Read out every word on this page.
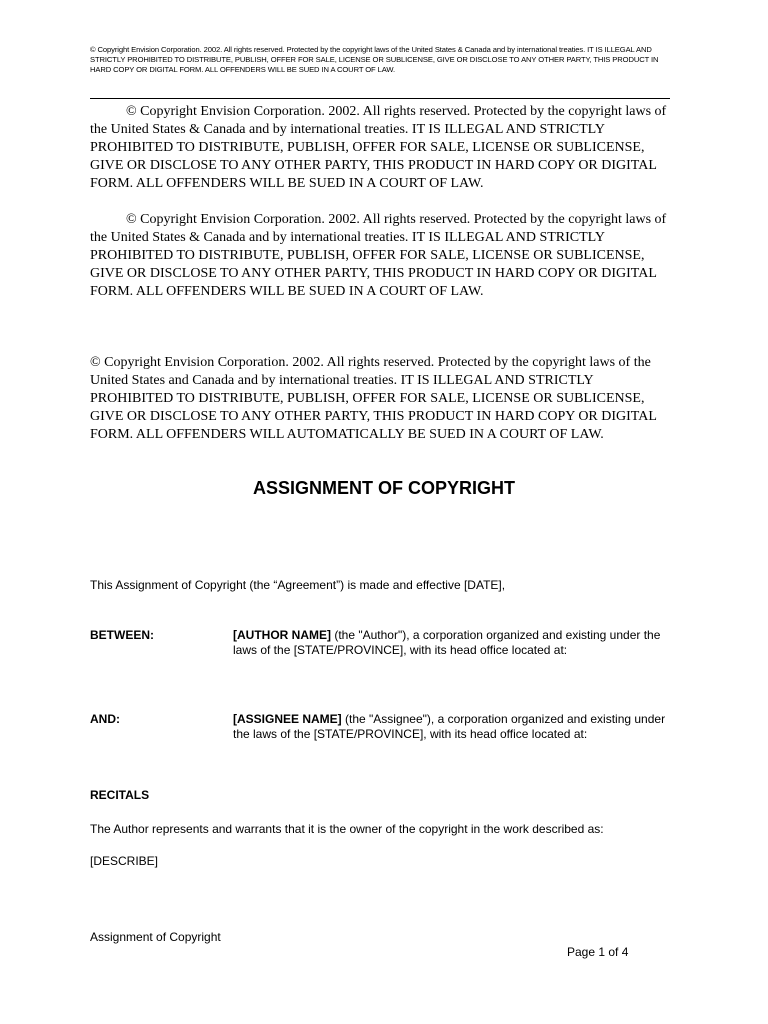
© Copyright Envision Corporation. 2002. All rights reserved. Protected by the copyright laws of the United States & Canada and by international treaties. IT IS ILLEGAL AND STRICTLY PROHIBITED TO DISTRIBUTE, PUBLISH, OFFER FOR SALE, LICENSE OR SUBLICENSE, GIVE OR DISCLOSE TO ANY OTHER PARTY, THIS PRODUCT IN HARD COPY OR DIGITAL FORM. ALL OFFENDERS WILL BE SUED IN A COURT OF LAW.

© Copyright Envision Corporation. 2002. All rights reserved. Protected by the copyright laws of the United States & Canada and by international treaties. IT IS ILLEGAL AND STRICTLY PROHIBITED TO DISTRIBUTE, PUBLISH, OFFER FOR SALE, LICENSE OR SUBLICENSE, GIVE OR DISCLOSE TO ANY OTHER PARTY, THIS PRODUCT IN HARD COPY OR DIGITAL FORM. ALL OFFENDERS WILL BE SUED IN A COURT OF LAW.

© Copyright Envision Corporation. 2002. All rights reserved. Protected by the copyright laws of the United States & Canada and by international treaties. IT IS ILLEGAL AND STRICTLY PROHIBITED TO DISTRIBUTE, PUBLISH, OFFER FOR SALE, LICENSE OR SUBLICENSE, GIVE OR DISCLOSE TO ANY OTHER PARTY, THIS PRODUCT IN HARD COPY OR DIGITAL FORM. ALL OFFENDERS WILL BE SUED IN A COURT OF LAW.

© Copyright Envision Corporation. 2002. All rights reserved. Protected by the copyright laws of the United States and Canada and by international treaties. IT IS ILLEGAL AND STRICTLY PROHIBITED TO DISTRIBUTE, PUBLISH, OFFER FOR SALE, LICENSE OR SUBLICENSE, GIVE OR DISCLOSE TO ANY OTHER PARTY, THIS PRODUCT IN HARD COPY OR DIGITAL FORM. ALL OFFENDERS WILL AUTOMATICALLY BE SUED IN A COURT OF LAW.

ASSIGNMENT OF COPYRIGHT
This Assignment of Copyright (the “Agreement”) is made and effective [DATE],
BETWEEN:	[AUTHOR NAME] (the "Author"), a corporation organized and existing under the laws of the [STATE/PROVINCE], with its head office located at:
AND:	[ASSIGNEE NAME] (the "Assignee"), a corporation organized and existing under the laws of the [STATE/PROVINCE], with its head office located at:
RECITALS
The Author represents and warrants that it is the owner of the copyright in the work described as:
[DESCRIBE]
Assignment of Copyright
Page 1 of 4
